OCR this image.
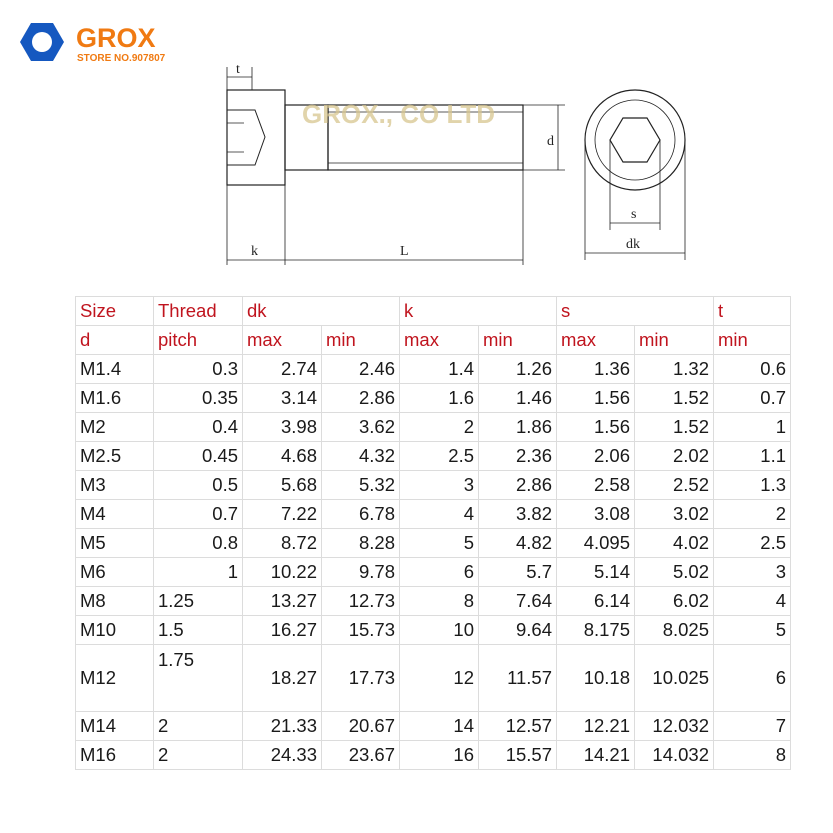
GROX
STORE NO.907807
GROX., CO LTD
t
d
k	L
s
dk
Size	Thread	dk		k		s		t
d	pitch	max	min	max	min	max	min	min
M1.4	0.3	2.74	2.46	1.4	1.26	1.36	1.32	0.6
M1.6	0.35	3.14	2.86	1.6	1.46	1.56	1.52	0.7
M2	0.4	3.98	3.62	2	1.86	1.56	1.52	1
M2.5	0.45	4.68	4.32	2.5	2.36	2.06	2.02	1.1
M3	0.5	5.68	5.32	3	2.86	2.58	2.52	1.3
M4	0.7	7.22	6.78	4	3.82	3.08	3.02	2
M5	0.8	8.72	8.28	5	4.82	4.095	4.02	2.5
M6	1	10.22	9.78	6	5.7	5.14	5.02	3
M8	1.25	13.27	12.73	8	7.64	6.14	6.02	4
M10	1.5	16.27	15.73	10	9.64	8.175	8.025	5
M12	1.75	18.27	17.73	12	11.57	10.18	10.025	6
M14	2	21.33	20.67	14	12.57	12.21	12.032	7
M16	2	24.33	23.67	16	15.57	14.21	14.032	8
